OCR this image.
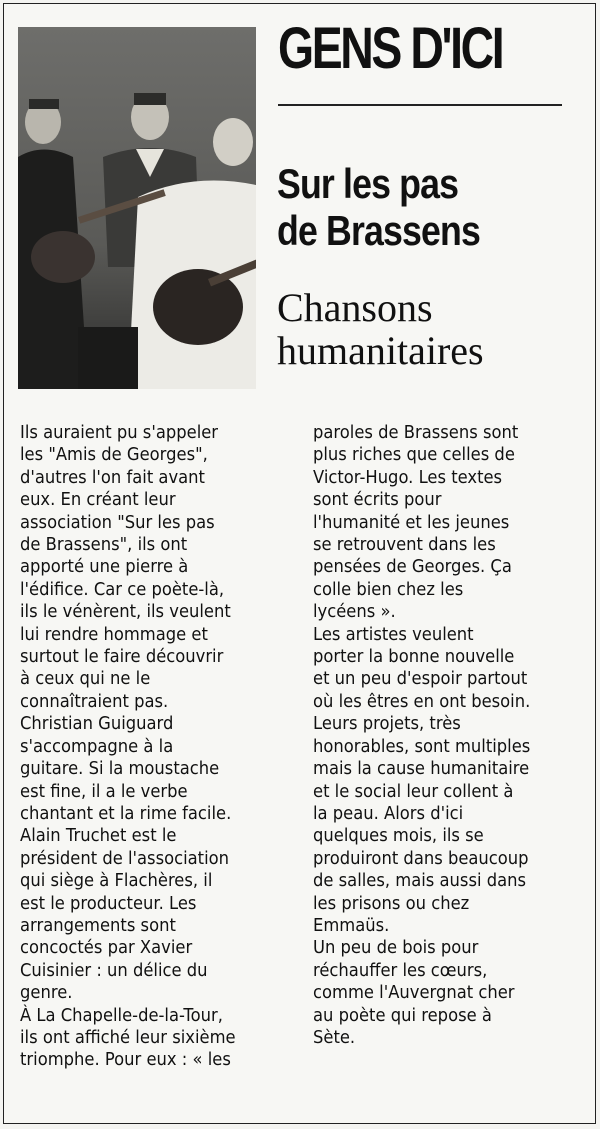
GENS D'ICI
Sur les pas
de Brassens
Chansons
humanitaires

Ils auraient pu s'appeler

les "Amis de Georges",

d'autres l'on fait avant

eux. En créant leur

association "Sur les pas

de Brassens", ils ont

apporté une pierre à

l'édifice. Car ce poète-là,

ils le vénèrent, ils veulent

lui rendre hommage et

surtout le faire découvrir

à ceux qui ne le

connaîtraient pas.

Christian Guiguard

s'accompagne à la

guitare. Si la moustache

est fine, il a le verbe

chantant et la rime facile.

Alain Truchet est le

président de l'association

qui siège à Flachères, il

est le producteur. Les

arrangements sont

concoctés par Xavier

Cuisinier : un délice du

genre.

À La Chapelle-de-la-Tour,

ils ont affiché leur sixième

triomphe. Pour eux : « les

paroles de Brassens sont

plus riches que celles de

Victor-Hugo. Les textes

sont écrits pour

l'humanité et les jeunes

se retrouvent dans les

pensées de Georges. Ça

colle bien chez les

lycéens ».

Les artistes veulent

porter la bonne nouvelle

et un peu d'espoir partout

où les êtres en ont besoin.

Leurs projets, très

honorables, sont multiples

mais la cause humanitaire

et le social leur collent à

la peau. Alors d'ici

quelques mois, ils se

produiront dans beaucoup

de salles, mais aussi dans

les prisons ou chez

Emmaüs.

Un peu de bois pour

réchauffer les cœurs,

comme l'Auvergnat cher

au poète qui repose à

Sète.
